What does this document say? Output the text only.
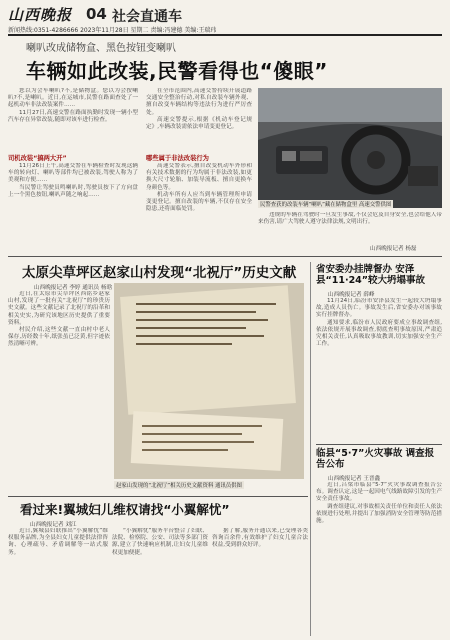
山西晚报 04 社会直通车
新闻热线:0351-4286666 2023年11月28日 星期二 责编:冯建德 美编:王瑞玮
喇叭改成储物盒、黑色按钮变喇叭
车辆如此改装,民警看得也“傻眼”

您以为会车喇叭?不,是储物盒。您以为会按喇叭?不,是喇叭。近日,在运城市,民警在路面查处了一起机动车非法改装案件……

11月27日,高速交警在路面执勤时发现一辆小型汽车存在异常改装,随即对该车进行检查。

司机改装“搞两大开”

11月26日上午,高速交警在车辆检查时发现这辆车的转向灯、喇叭等部件均已被改装,驾驶人称为了美观和方便……

当民警让驾驶员鸣喇叭时,驾驶员按下了方向盘上一个黑色按钮,喇叭声随之响起……

在全市范围内,高速交警持续开展道路交通安全整治行动,对私自改装车辆外观、擅自改变车辆结构等违法行为进行严厉查处。

高速交警提示,根据《机动车登记规定》,车辆改装需依法申请变更登记。

哪些属于非法改装行为

高速交警表示,擅自改变机动车外形和有关技术数据的行为均属于非法改装,如更换大尺寸轮胎、加装导流板、擅自更换车身颜色等。

机动车所有人应当到车辆管理所申请变更登记。擅自改装的车辆,不仅存在安全隐患,还将面临处罚。

民警查获的改装车辆“喇叭”藏在储物盒里 高速交警供图

违规的车辆在驾驶时一旦发生事故,不仅会危及自身安全,也会给他人带来伤害,请广大驾驶人遵守法律法规,文明出行。

山西晚报记者 杨磊
太原尖草坪区赵家山村发现“北祝厅”历史文献
山西晚报记者 李婷 通讯员 杨晗

近日,在太原市尖草坪区西铭乡赵家山村,发现了一批有关“北祝厅”的珍贵历史文献。这些文献记录了北祝厅的沿革和相关史实,为研究该地区历史提供了重要资料。

村民介绍,这些文献一直由村中老人保存,历经数十年,纸张虽已泛黄,但字迹依然清晰可辨。

赵家山发现的“北祝厅”相关历史文献资料 通讯员供图
看过来!翼城妇儿维权请找“小翼解忧”
山西晚报记者 刘江

近日,翼城县妇联推出“小翼解忧”维权服务品牌,为全县妇女儿童提供法律咨询、心理疏导、矛盾调解等一站式服务。

“小翼解忧”服务平台整合了妇联、法院、检察院、公安、司法等多部门资源,建立了快速响应机制,让妇女儿童维权更加便捷。

据了解,服务开通以来,已受理各类咨询百余件,有效维护了妇女儿童合法权益,受到群众好评。

省安委办挂牌督办 安泽县“11·24”较大坍塌事故
山西晚报记者 薛峰

11月24日,临汾市安泽县发生一起较大坍塌事故,造成人员伤亡。事故发生后,省安委办对该事故实行挂牌督办。

通知要求,临汾市人民政府要成立事故调查组,依法依规开展事故调查,彻底查明事故原因,严肃追究相关责任,认真吸取事故教训,切实加强安全生产工作。

临县“5·7”火灾事故 调查报告公布
山西晚报记者 王晋鑫

近日,吕梁市临县“5·7”火灾事故调查报告公布。调查认定,这是一起因电气线路故障引发的生产安全责任事故。

调查组建议,对事故相关责任单位和责任人依法依规进行处理,并提出了加强消防安全管理等防范措施。
